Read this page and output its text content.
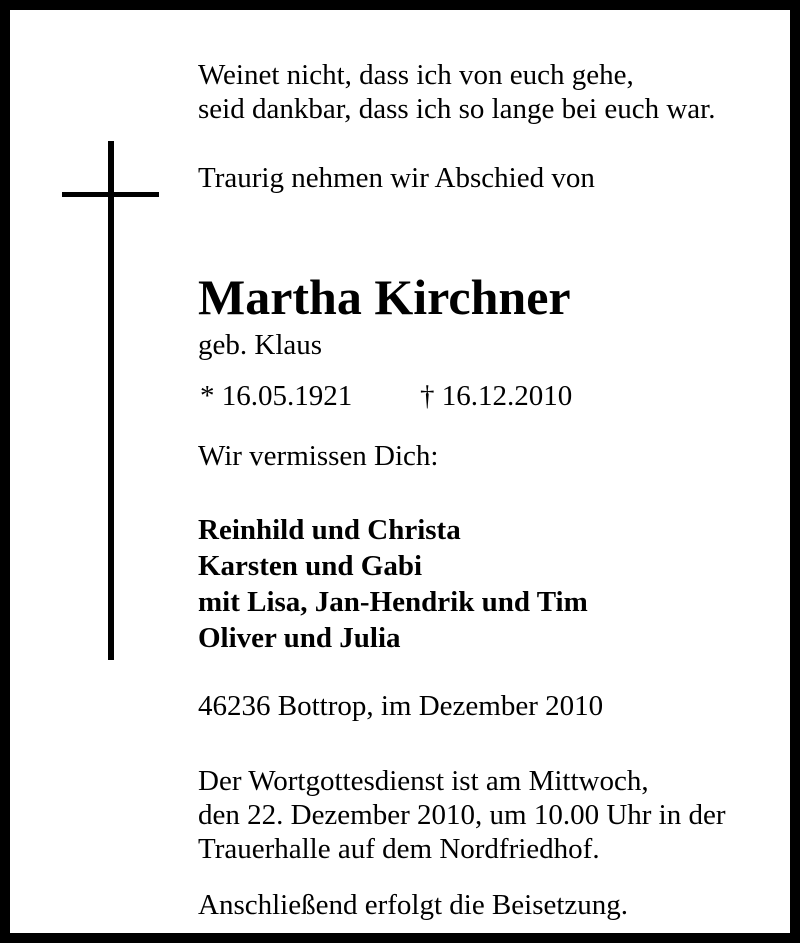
Weinet nicht, dass ich von euch gehe,
seid dankbar, dass ich so lange bei euch war.
Traurig nehmen wir Abschied von
Martha Kirchner
geb. Klaus
* 16.05.1921 † 16.12.2010
Wir vermissen Dich:
Reinhild und Christa
Karsten und Gabi
mit Lisa, Jan-Hendrik und Tim
Oliver und Julia
46236 Bottrop, im Dezember 2010
Der Wortgottesdienst ist am Mittwoch,
den 22. Dezember 2010, um 10.00 Uhr in der
Trauerhalle auf dem Nordfriedhof.
Anschließend erfolgt die Beisetzung.
